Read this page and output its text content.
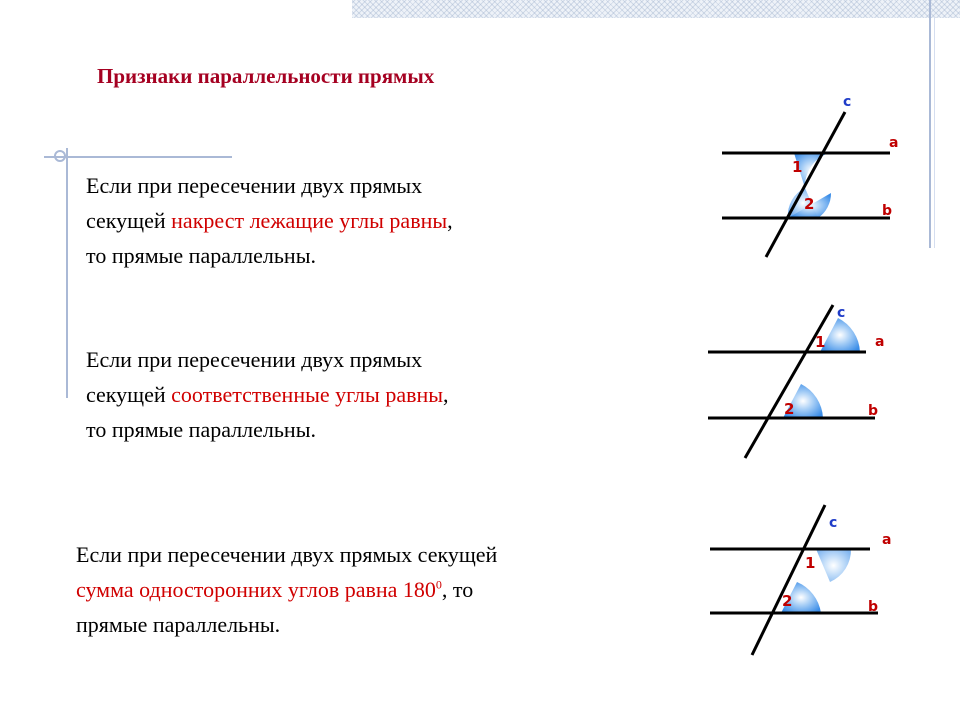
Признаки параллельности прямых
Если при пересечении двух прямых
секущей накрест лежащие углы равны,
то прямые параллельны.
Если при пересечении двух прямых
секущей соответственные углы равны,
то прямые параллельны.
Если при пересечении двух прямых секущей
сумма односторонних углов равна $180^0$, то
прямые параллельны.
c
a
b
1
2
c
a
b
1
2
c
a
b
1
2
